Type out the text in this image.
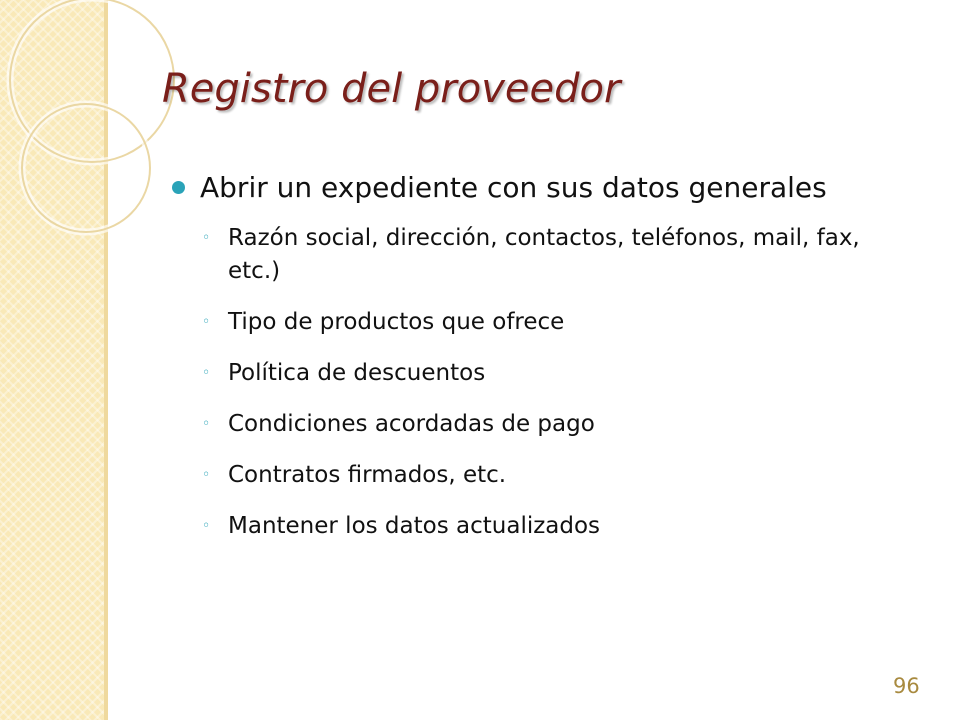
Registro del proveedor
Abrir un expediente con sus datos generales
◦ Razón social, dirección, contactos, teléfonos, mail, fax, etc.)
◦ Tipo de productos que ofrece
◦ Política de descuentos
◦ Condiciones acordadas de pago
◦ Contratos firmados, etc.
◦ Mantener los datos actualizados
96
